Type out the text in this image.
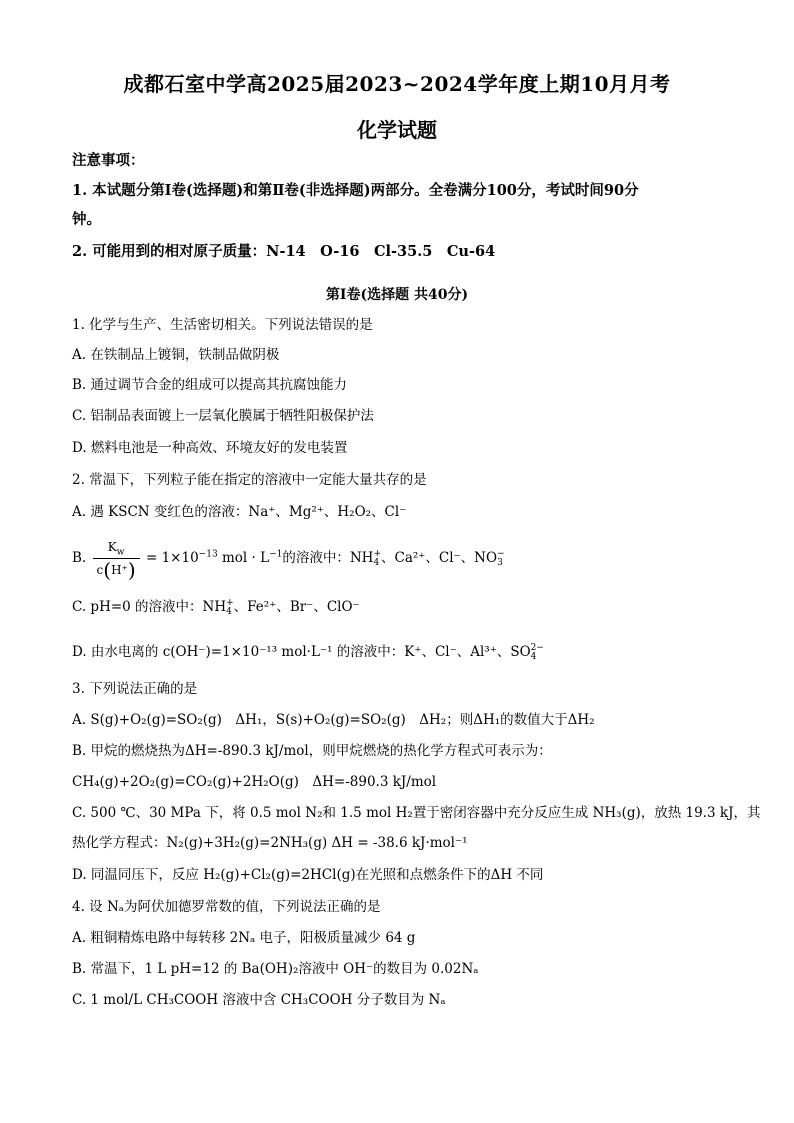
成都石室中学高2025届2023~2024学年度上期10月月考
化学试题
注意事项：
1. 本试题分第Ⅰ卷(选择题)和第Ⅱ卷(非选择题)两部分。全卷满分100分，考试时间90分
钟。
2. 可能用到的相对原子质量：N-14　O-16　Cl-35.5　Cu-64
第Ⅰ卷(选择题 共40分)
1. 化学与生产、生活密切相关。下列说法错误的是
A. 在铁制品上镀铜，铁制品做阴极
B. 通过调节合金的组成可以提高其抗腐蚀能力
C. 铝制品表面镀上一层氧化膜属于牺牲阳极保护法
D. 燃料电池是一种高效、环境友好的发电装置
2. 常温下，下列粒子能在指定的溶液中一定能大量共存的是
A. 遇 KSCN 变红色的溶液：Na⁺、Mg²⁺、H₂O₂、Cl⁻
B. $\frac{K_w}{c(H^+)} = 1\times 10^{-13}$ mol · $L^{-1}$的溶液中：NH +
4 、Ca²⁺、Cl⁻、NO −
3
C. pH=0 的溶液中：NH +
4 、Fe²⁺、Br⁻、ClO⁻
D. 由水电离的 c(OH⁻)=1×10⁻¹³ mol·L⁻¹ 的溶液中：K⁺、Cl⁻、Al³⁺、SO 2−
4
3. 下列说法正确的是
A. S(g)+O₂(g)=SO₂(g)　ΔH₁，S(s)+O₂(g)=SO₂(g)　ΔH₂；则ΔH₁的数值大于ΔH₂
B. 甲烷的燃烧热为ΔH=-890.3 kJ/mol，则甲烷燃烧的热化学方程式可表示为：
CH₄(g)+2O₂(g)=CO₂(g)+2H₂O(g)　ΔH=-890.3 kJ/mol
C. 500 ℃、30 MPa 下，将 0.5 mol N₂和 1.5 mol H₂置于密闭容器中充分反应生成 NH₃(g)，放热 19.3 kJ，其
热化学方程式：N₂(g)+3H₂(g)=2NH₃(g) ΔH = -38.6 kJ·mol⁻¹
D. 同温同压下，反应 H₂(g)+Cl₂(g)=2HCl(g)在光照和点燃条件下的ΔH 不同
4. 设 Nₐ为阿伏加德罗常数的值，下列说法正确的是
A. 粗铜精炼电路中每转移 2Nₐ 电子，阳极质量减少 64 g
B. 常温下，1 L pH=12 的 Ba(OH)₂溶液中 OH⁻的数目为 0.02Nₐ
C. 1 mol/L CH₃COOH 溶液中含 CH₃COOH 分子数目为 Nₐ
